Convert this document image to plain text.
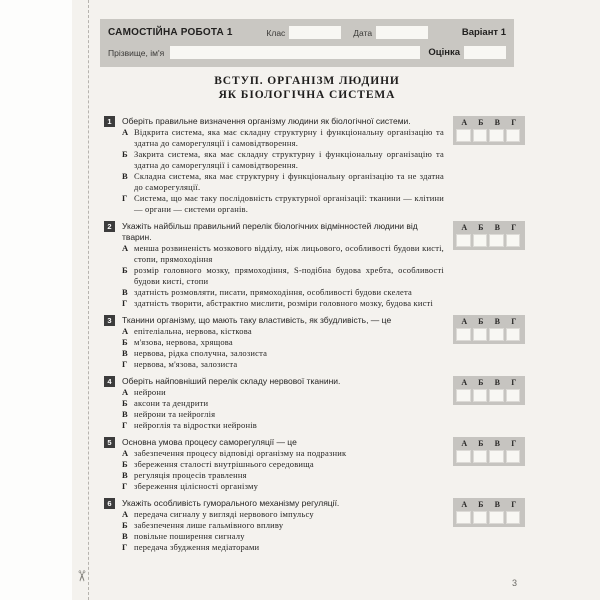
✂
САМОСТІЙНА РОБОТА 1	Клас	Дата	Варіант 1
Прізвище, ім'я	Оцінка
ВСТУП. ОРГАНІЗМ ЛЮДИНИ
ЯК БІОЛОГІЧНА СИСТЕМА
1	Оберіть правильне визначення організму людини як біологічної системи.
А Відкрита система, яка має складну структурну і функціональну організацію та здатна до саморегуляції і самовідтворення.
Б Закрита система, яка має складну структурну і функціональну організацію та здатна до саморегуляції і самовідтворення.
В Складна система, яка має структурну і функціональну організацію та не здатна до саморегуляції.
Г Система, що має таку послідовність структурної організації: тканини — клітини — органи — системи органів.
А	Б	В	Г
2	Укажіть найбільш правильний перелік біологічних відмінностей людини від тварин.
А менша розвиненість мозкового відділу, ніж лицьового, особливості будови кисті, стопи, прямоходіння
Б розмір головного мозку, прямоходіння, S-подібна будова хребта, особливості будови кисті, стопи
В здатність розмовляти, писати, прямоходіння, особливості будови скелета
Г здатність творити, абстрактно мислити, розміри головного мозку, будова кисті
А	Б	В	Г
3	Тканини організму, що мають таку властивість, як збудливість, — це
А епітеліальна, нервова, кісткова
Б м'язова, нервова, хрящова
В нервова, рідка сполучна, залозиста
Г нервова, м'язова, залозиста
А	Б	В	Г
4	Оберіть найповніший перелік складу нервової тканини.
А нейрони
Б аксони та дендрити
В нейрони та нейроглія
Г нейроглія та відростки нейронів
А	Б	В	Г
5	Основна умова процесу саморегуляції — це
А забезпечення процесу відповіді організму на подразник
Б збереження сталості внутрішнього середовища
В регуляція процесів травлення
Г збереження цілісності організму
А	Б	В	Г
6	Укажіть особливість гуморального механізму регуляції.
А передача сигналу у вигляді нервового імпульсу
Б забезпечення лише гальмівного впливу
В повільне поширення сигналу
Г передача збудження медіаторами
А	Б	В	Г
3
